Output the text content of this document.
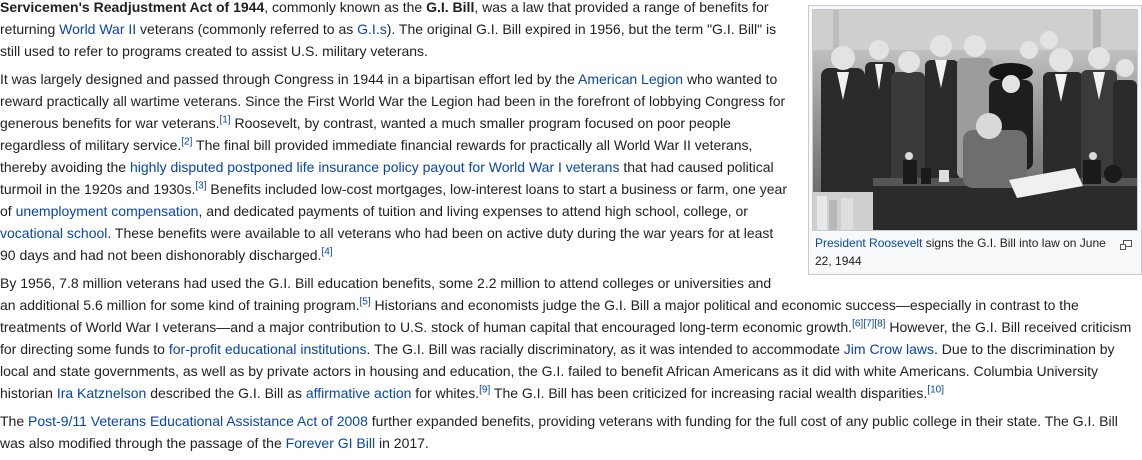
President Roosevelt signs the G.I. Bill into law on June 22, 1944

Servicemen's Readjustment Act of 1944, commonly known as the G.I. Bill, was a law that provided a range of benefits for returning World War II veterans (commonly referred to as G.I.s). The original G.I. Bill expired in 1956, but the term "G.I. Bill" is still used to refer to programs created to assist U.S. military veterans.

It was largely designed and passed through Congress in 1944 in a bipartisan effort led by the American Legion who wanted to reward practically all wartime veterans. Since the First World War the Legion had been in the forefront of lobbying Congress for generous benefits for war veterans.[1] Roosevelt, by contrast, wanted a much smaller program focused on poor people regardless of military service.[2] The final bill provided immediate financial rewards for practically all World War II veterans, thereby avoiding the highly disputed postponed life insurance policy payout for World War I veterans that had caused political turmoil in the 1920s and 1930s.[3] Benefits included low-cost mortgages, low-interest loans to start a business or farm, one year of unemployment compensation, and dedicated payments of tuition and living expenses to attend high school, college, or vocational school. These benefits were available to all veterans who had been on active duty during the war years for at least 90 days and had not been dishonorably discharged.[4]

By 1956, 7.8 million veterans had used the G.I. Bill education benefits, some 2.2 million to attend colleges or universities and an additional 5.6 million for some kind of training program.[5] Historians and economists judge the G.I. Bill a major political and economic success—especially in contrast to the treatments of World War I veterans—and a major contribution to U.S. stock of human capital that encouraged long-term economic growth.[6][7][8] However, the G.I. Bill received criticism for directing some funds to for-profit educational institutions. The G.I. Bill was racially discriminatory, as it was intended to accommodate Jim Crow laws. Due to the discrimination by local and state governments, as well as by private actors in housing and education, the G.I. failed to benefit African Americans as it did with white Americans. Columbia University historian Ira Katznelson described the G.I. Bill as affirmative action for whites.[9] The G.I. Bill has been criticized for increasing racial wealth disparities.[10]

The Post-9/11 Veterans Educational Assistance Act of 2008 further expanded benefits, providing veterans with funding for the full cost of any public college in their state. The G.I. Bill was also modified through the passage of the Forever GI Bill in 2017.
